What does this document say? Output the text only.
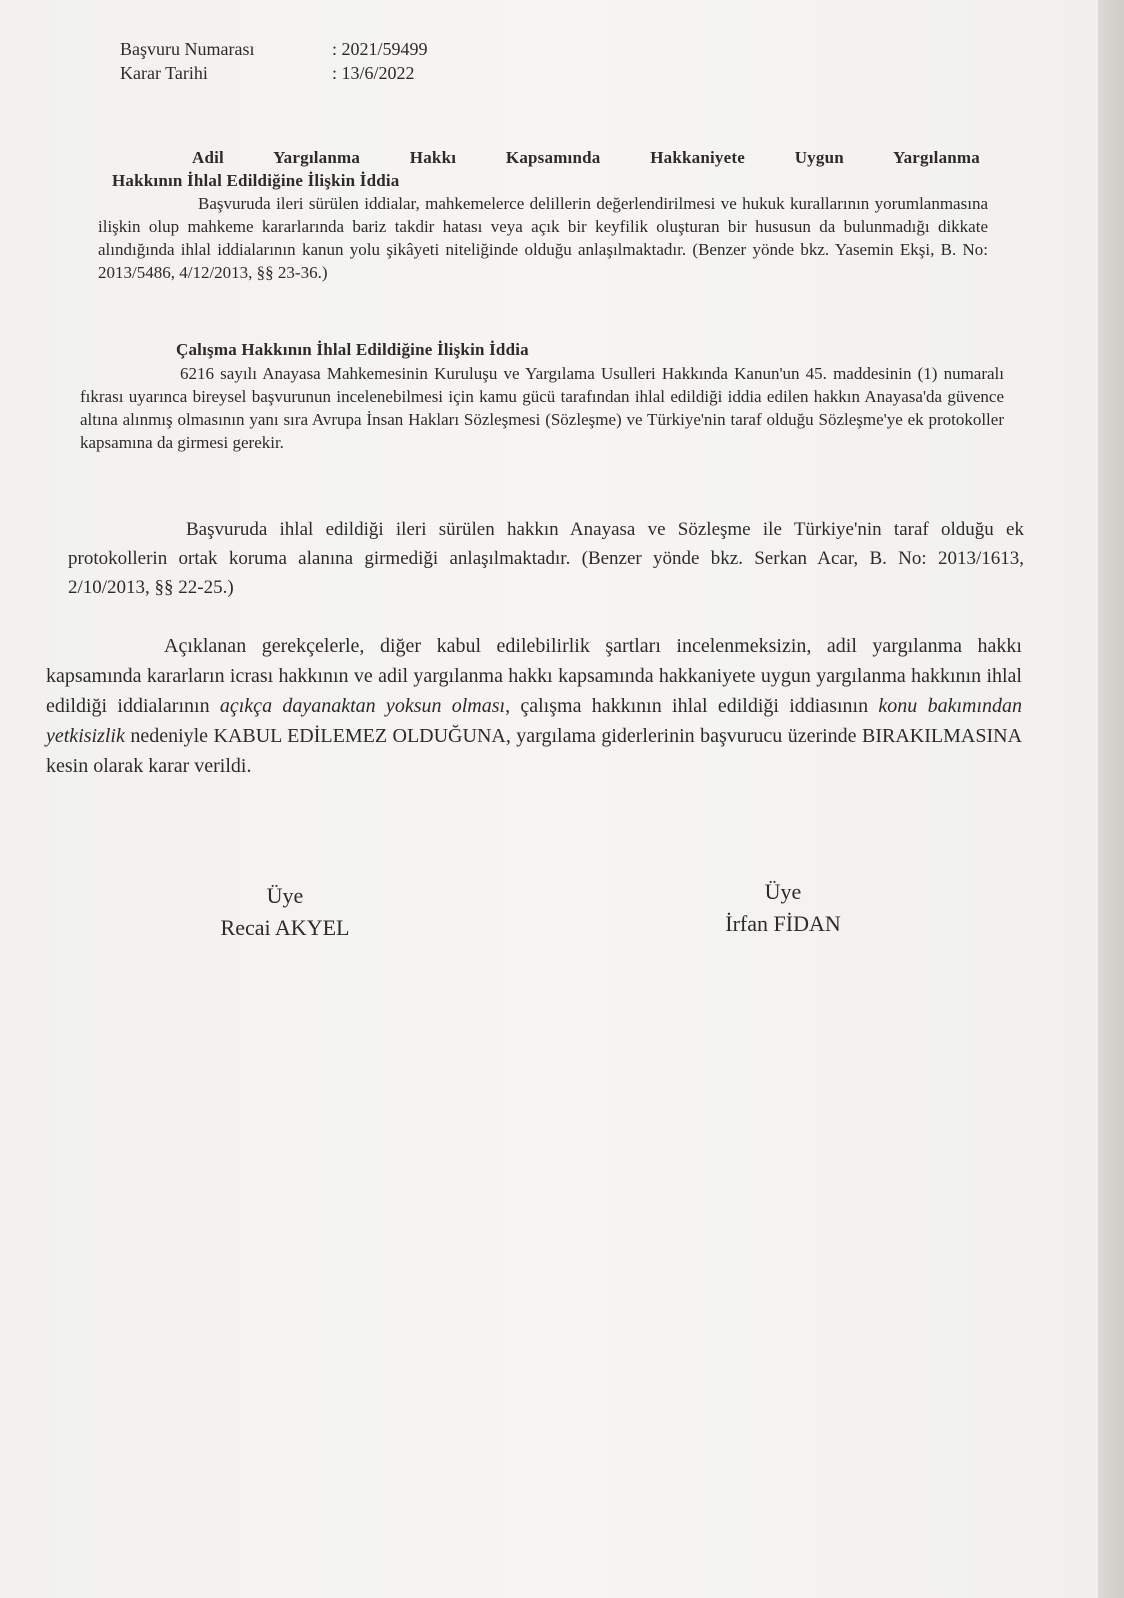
Başvuru Numarası	: 2021/59499
Karar Tarihi	: 13/6/2022
Adil Yargılanma Hakkı Kapsamında Hakkaniyete Uygun Yargılanma
Hakkının İhlal Edildiğine İlişkin İddia
Başvuruda ileri sürülen iddialar, mahkemelerce delillerin değerlendirilmesi ve hukuk kurallarının yorumlanmasına ilişkin olup mahkeme kararlarında bariz takdir hatası veya açık bir keyfilik oluşturan bir hususun da bulunmadığı dikkate alındığında ihlal iddialarının kanun yolu şikâyeti niteliğinde olduğu anlaşılmaktadır. (Benzer yönde bkz. Yasemin Ekşi, B. No: 2013/5486, 4/12/2013, §§ 23-36.)
Çalışma Hakkının İhlal Edildiğine İlişkin İddia
6216 sayılı Anayasa Mahkemesinin Kuruluşu ve Yargılama Usulleri Hakkında Kanun'un 45. maddesinin (1) numaralı fıkrası uyarınca bireysel başvurunun incelenebilmesi için kamu gücü tarafından ihlal edildiği iddia edilen hakkın Anayasa'da güvence altına alınmış olmasının yanı sıra Avrupa İnsan Hakları Sözleşmesi (Sözleşme) ve Türkiye'nin taraf olduğu Sözleşme'ye ek protokoller kapsamına da girmesi gerekir.
Başvuruda ihlal edildiği ileri sürülen hakkın Anayasa ve Sözleşme ile Türkiye'nin taraf olduğu ek protokollerin ortak koruma alanına girmediği anlaşılmaktadır. (Benzer yönde bkz. Serkan Acar, B. No: 2013/1613, 2/10/2013, §§ 22-25.)
Açıklanan gerekçelerle, diğer kabul edilebilirlik şartları incelenmeksizin, adil yargılanma hakkı kapsamında kararların icrası hakkının ve adil yargılanma hakkı kapsamında hakkaniyete uygun yargılanma hakkının ihlal edildiği iddialarının açıkça dayanaktan yoksun olması, çalışma hakkının ihlal edildiği iddiasının konu bakımından yetkisizlik nedeniyle KABUL EDİLEMEZ OLDUĞUNA, yargılama giderlerinin başvurucu üzerinde BIRAKILMASINA kesin olarak karar verildi.
Üye
Recai AKYEL
Üye
İrfan FİDAN
